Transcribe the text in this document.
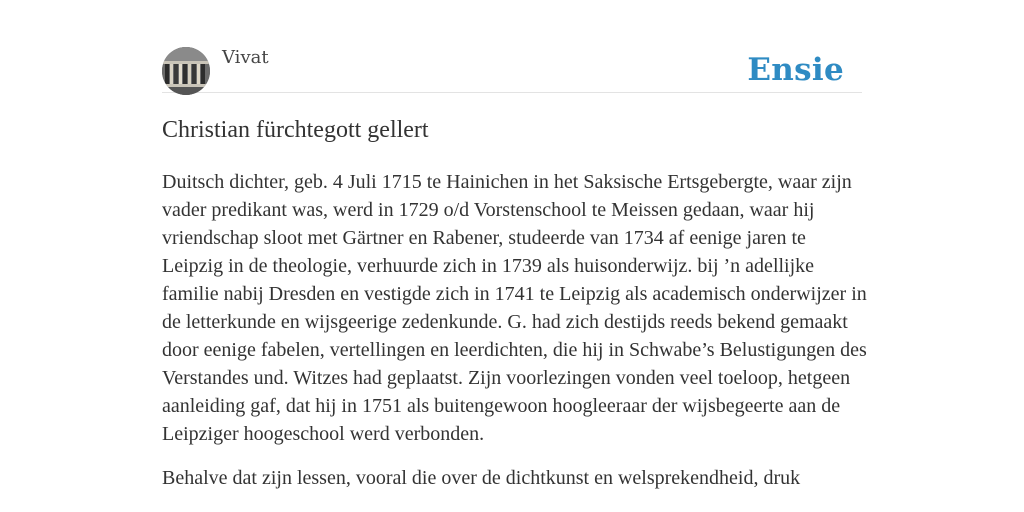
Vivat	Ensie
Christian fürchtegott gellert

Duitsch dichter, geb. 4 Juli 1715 te Hainichen in het Saksische Ertsgebergte, waar zijn vader predikant was, werd in 1729 o/d Vorstenschool te Meissen gedaan, waar hij vriendschap sloot met Gärtner en Rabener, studeerde van 1734 af eenige jaren te Leipzig in de theologie, verhuurde zich in 1739 als huisonderwijz. bij ’n adellijke familie nabij Dresden en vestigde zich in 1741 te Leipzig als academisch onderwijzer in de letterkunde en wijsgeerige zedenkunde. G. had zich destijds reeds bekend gemaakt door eenige fabelen, vertellingen en leerdichten, die hij in Schwabe’s Belustigungen des Verstandes und. Witzes had geplaatst. Zijn voorlezingen vonden veel toeloop, hetgeen aanleiding gaf, dat hij in 1751 als buitengewoon hoogleeraar der wijsbegeerte aan de Leipziger hoogeschool werd verbonden.

Behalve dat zijn lessen, vooral die over de dichtkunst en welsprekendheid, druk
